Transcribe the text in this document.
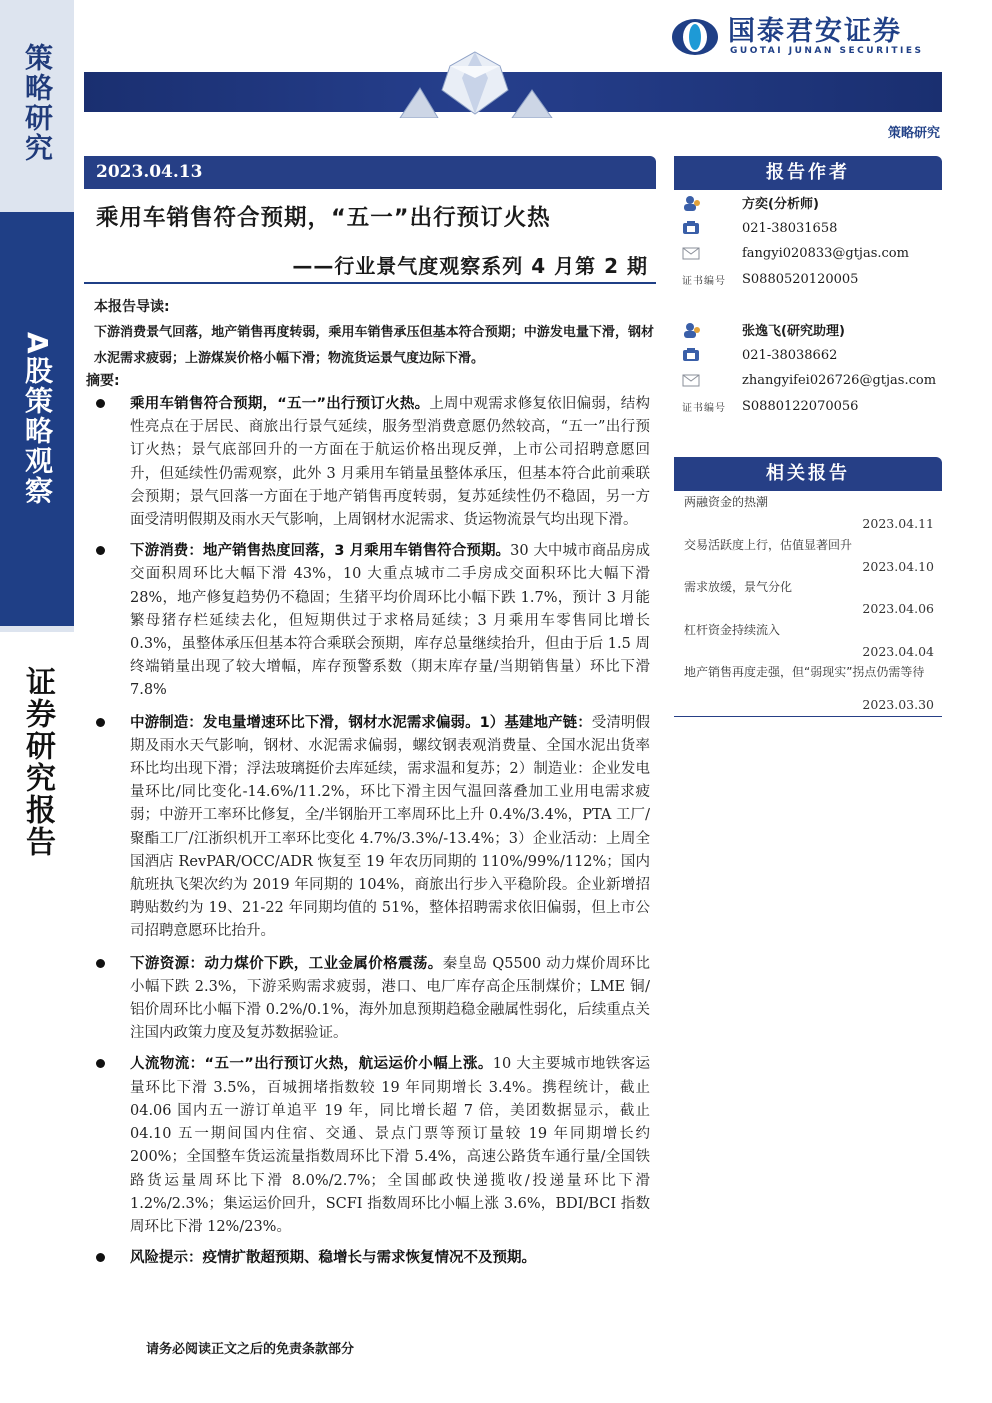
策略研究
A股策略观察
证券研究报告
国泰君安证券
GUOTAI JUNAN SECURITIES
策略研究
2023.04.13
乘用车销售符合预期，“五一”出行预订火热
——行业景气度观察系列 4 月第 2 期
本报告导读:
下游消费景气回落，地产销售再度转弱，乘用车销售承压但基本符合预期；中游发电量下滑，钢材水泥需求疲弱；上游煤炭价格小幅下滑；物流货运景气度边际下滑。
摘要:
乘用车销售符合预期，“五一”出行预订火热。上周中观需求修复依旧偏弱，结构性亮点在于居民、商旅出行景气延续，服务型消费意愿仍然较高，“五一”出行预订火热；景气底部回升的一方面在于航运价格出现反弹，上市公司招聘意愿回升，但延续性仍需观察，此外 3 月乘用车销量虽整体承压，但基本符合此前乘联会预期；景气回落一方面在于地产销售再度转弱，复苏延续性仍不稳固，另一方面受清明假期及雨水天气影响，上周钢材水泥需求、货运物流景气均出现下滑。
下游消费：地产销售热度回落，3 月乘用车销售符合预期。30 大中城市商品房成交面积周环比大幅下滑 43%，10 大重点城市二手房成交面积环比大幅下滑 28%，地产修复趋势仍不稳固；生猪平均价周环比小幅下跌 1.7%，预计 3 月能繁母猪存栏延续去化，但短期供过于求格局延续；3 月乘用车零售同比增长 0.3%，虽整体承压但基本符合乘联会预期，库存总量继续抬升，但由于后 1.5 周终端销量出现了较大增幅，库存预警系数（期末库存量/当期销售量）环比下滑 7.8%
中游制造：发电量增速环比下滑，钢材水泥需求偏弱。1）基建地产链：受清明假期及雨水天气影响，钢材、水泥需求偏弱，螺纹钢表观消费量、全国水泥出货率环比均出现下滑；浮法玻璃挺价去库延续，需求温和复苏；2）制造业：企业发电量环比/同比变化-14.6%/11.2%，环比下滑主因气温回落叠加工业用电需求疲弱；中游开工率环比修复，全/半钢胎开工率周环比上升 0.4%/3.4%，PTA 工厂/聚酯工厂/江浙织机开工率环比变化 4.7%/3.3%/-13.4%；3）企业活动：上周全国酒店 RevPAR/OCC/ADR 恢复至 19 年农历同期的 110%/99%/112%；国内航班执飞架次约为 2019 年同期的 104%，商旅出行步入平稳阶段。企业新增招聘贴数约为 19、21-22 年同期均值的 51%，整体招聘需求依旧偏弱，但上市公司招聘意愿环比抬升。
下游资源：动力煤价下跌，工业金属价格震荡。秦皇岛 Q5500 动力煤价周环比小幅下跌 2.3%，下游采购需求疲弱，港口、电厂库存高企压制煤价；LME 铜/铝价周环比小幅下滑 0.2%/0.1%，海外加息预期趋稳金融属性弱化，后续重点关注国内政策力度及复苏数据验证。
人流物流：“五一”出行预订火热，航运运价小幅上涨。10 大主要城市地铁客运量环比下滑 3.5%，百城拥堵指数较 19 年同期增长 3.4%。携程统计，截止 04.06 国内五一游订单追平 19 年，同比增长超 7 倍，美团数据显示，截止 04.10 五一期间国内住宿、交通、景点门票等预订量较 19 年同期增长约 200%；全国整车货运流量指数周环比下滑 5.4%，高速公路货车通行量/全国铁路货运量周环比下滑 8.0%/2.7%；全国邮政快递揽收/投递量环比下滑 1.2%/2.3%；集运运价回升，SCFI 指数周环比小幅上涨 3.6%，BDI/BCI 指数周环比下滑 12%/23%。
风险提示：疫情扩散超预期、稳增长与需求恢复情况不及预期。
报告作者
方奕(分析师)
021-38031658
fangyi020833@gtjas.com
证书编号	S0880520120005
张逸飞(研究助理)
021-38038662
zhangyifei026726@gtjas.com
证书编号	S0880122070056
相关报告
两融资金的热潮
2023.04.11
交易活跃度上行，估值显著回升
2023.04.10
需求放缓，景气分化
2023.04.06
杠杆资金持续流入
2023.04.04
地产销售再度走强，但“弱现实”拐点仍需等待
2023.03.30
请务必阅读正文之后的免责条款部分
